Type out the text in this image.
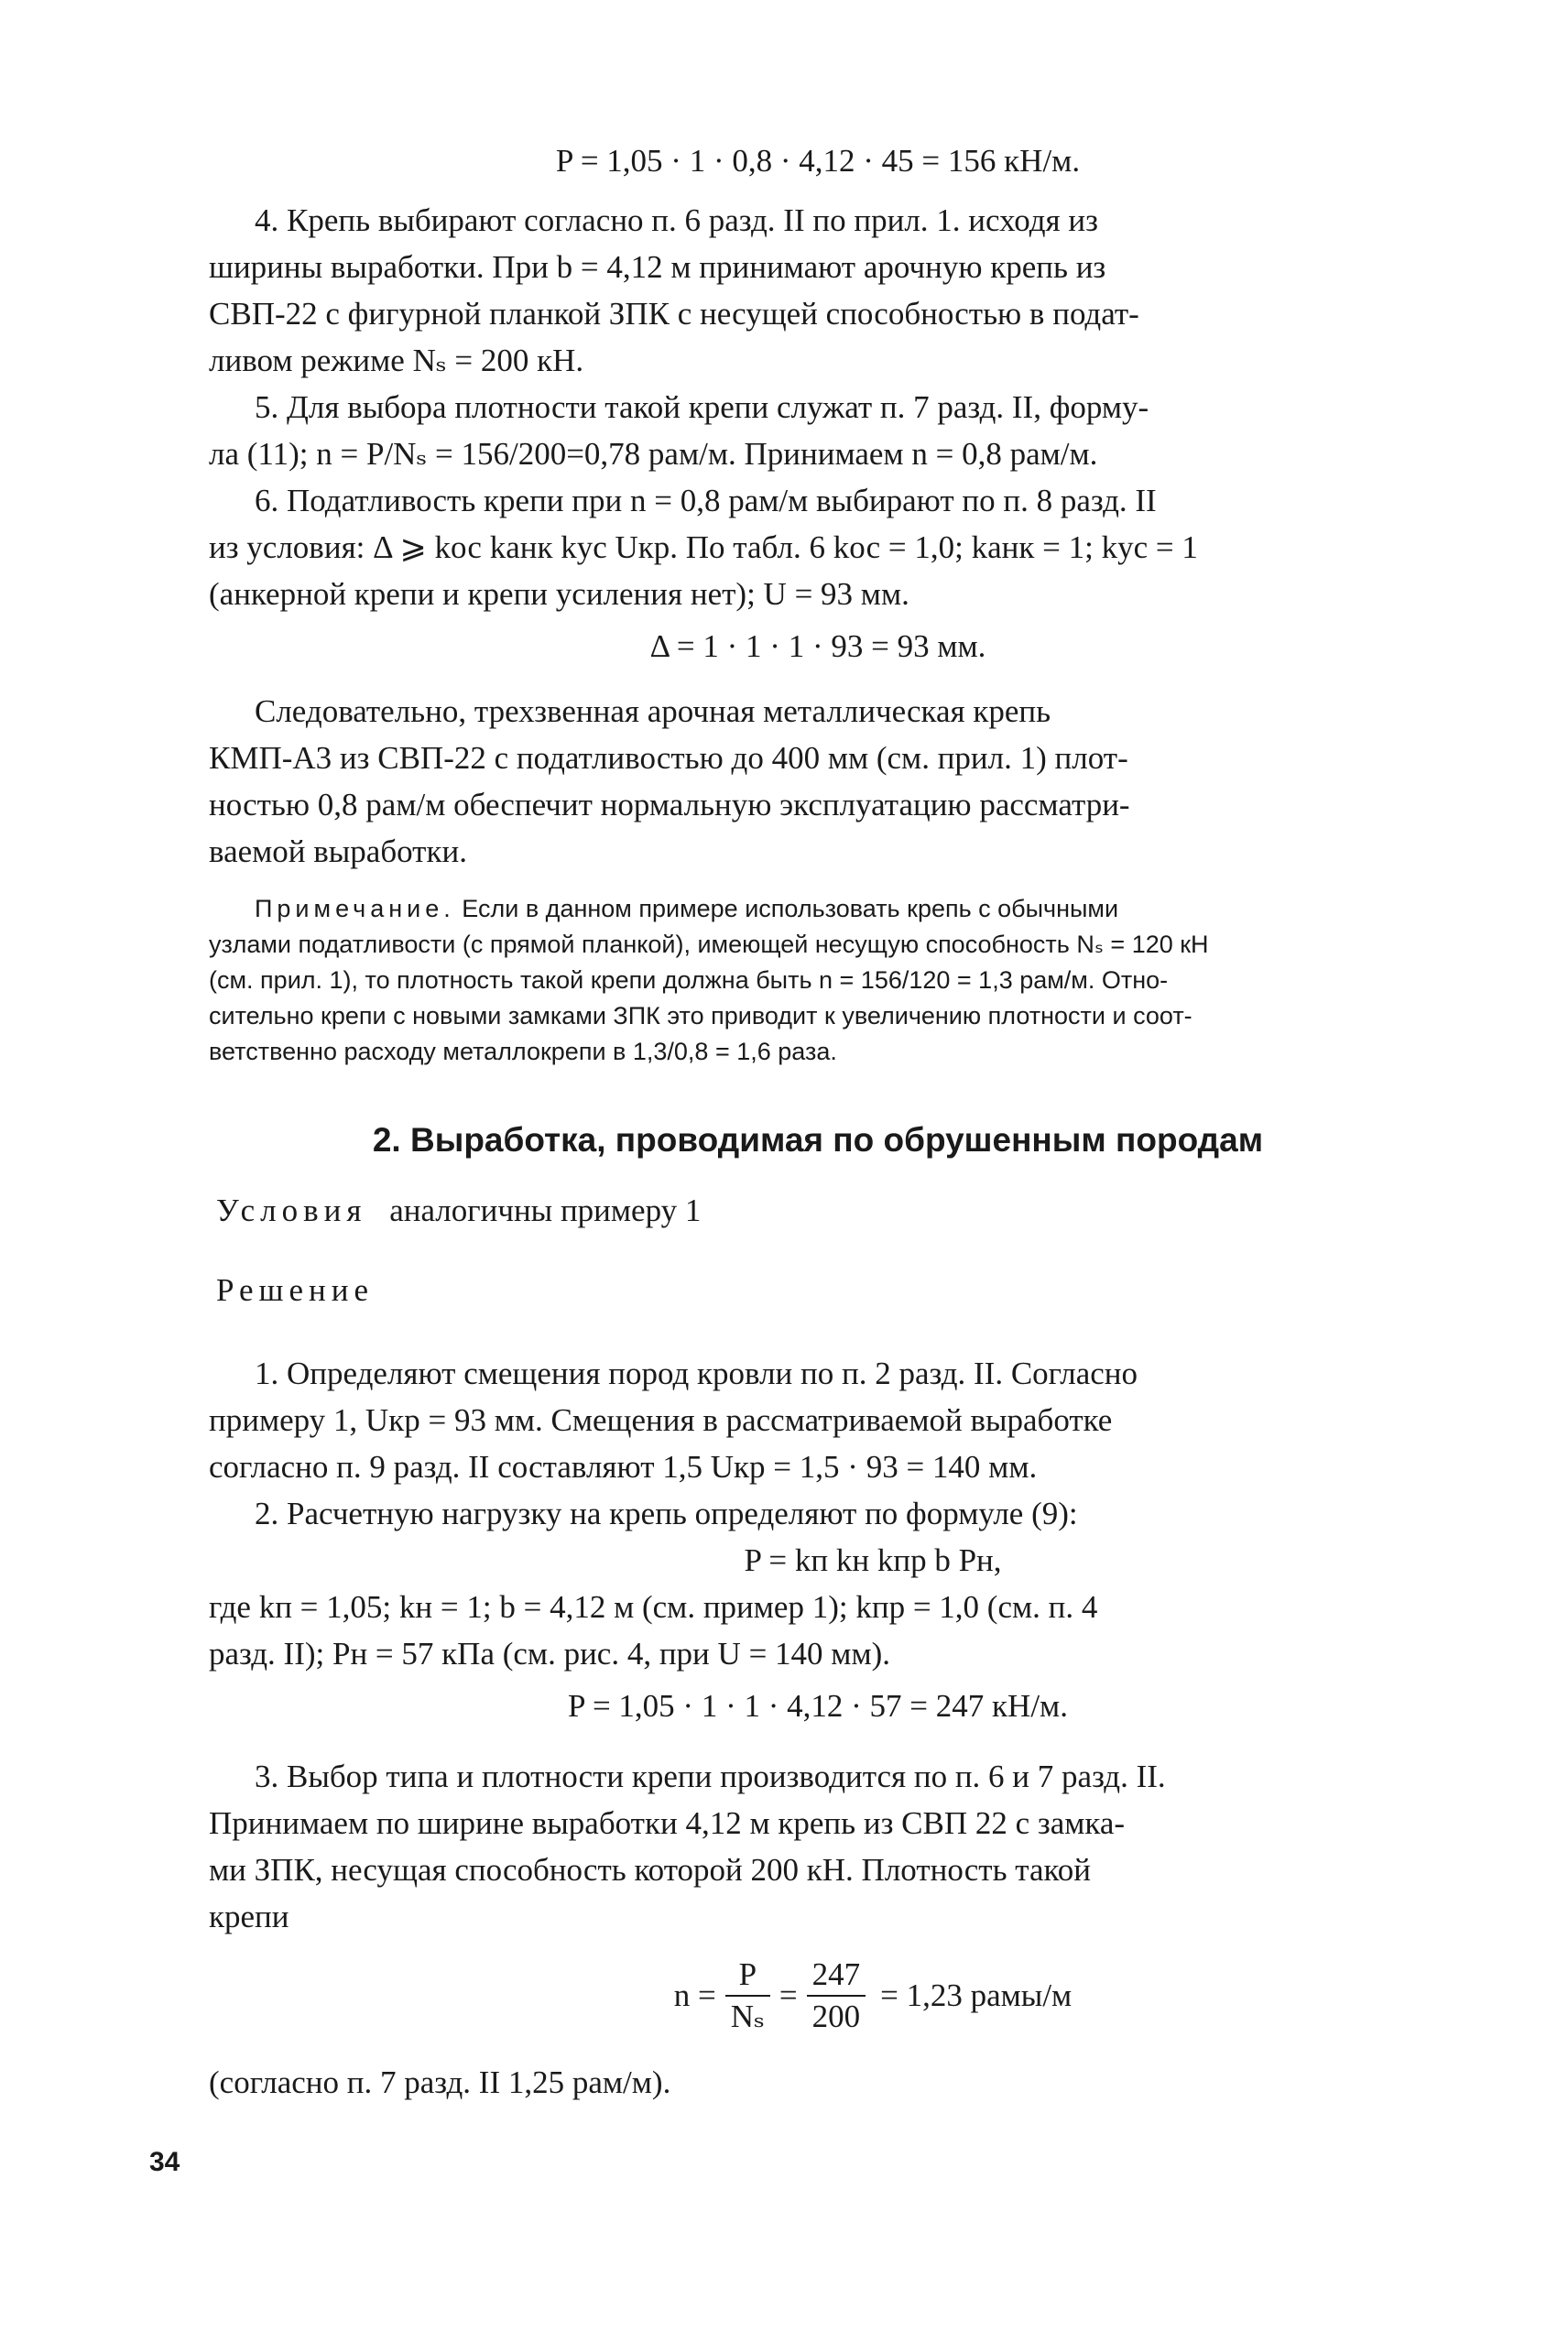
P = 1,05 · 1 · 0,8 · 4,12 · 45 = 156 кН/м.
4. Крепь выбирают согласно п. 6 разд. II по прил. 1. исходя из
ширины выработки. При b = 4,12 м принимают арочную крепь из
СВП-22 с фигурной планкой ЗПК с несущей способностью в подат-
ливом режиме Nₛ = 200 кН.
5. Для выбора плотности такой крепи служат п. 7 разд. II, форму-
ла (11); n = P/Nₛ = 156/200=0,78 рам/м. Принимаем n = 0,8 рам/м.
6. Податливость крепи при n = 0,8 рам/м выбирают по п. 8 разд. II
из условия: Δ ⩾ kос kанк kус Uкр. По табл. 6 kос = 1,0; kанк = 1; kус = 1
(анкерной крепи и крепи усиления нет); U = 93 мм.
Δ = 1 · 1 · 1 · 93 = 93 мм.
Следовательно, трехзвенная арочная металлическая крепь
КМП-А3 из СВП-22 с податливостью до 400 мм (см. прил. 1) плот-
ностью 0,8 рам/м обеспечит нормальную эксплуатацию рассматри-
ваемой выработки.
Примечание. Если в данном примере использовать крепь с обычными
узлами податливости (с прямой планкой), имеющей несущую способность Nₛ = 120 кН
(см. прил. 1), то плотность такой крепи должна быть n = 156/120 = 1,3 рам/м. Отно-
сительно крепи с новыми замками ЗПК это приводит к увеличению плотности и соот-
ветственно расходу металлокрепи в 1,3/0,8 = 1,6 раза.
2. Выработка, проводимая по обрушенным породам
Условия аналогичны примеру 1
Решение
1. Определяют смещения пород кровли по п. 2 разд. II. Согласно
примеру 1, Uкр = 93 мм. Смещения в рассматриваемой выработке
согласно п. 9 разд. II составляют 1,5 Uкр = 1,5 · 93 = 140 мм.
2. Расчетную нагрузку на крепь определяют по формуле (9):
P = kп kн kпр b Pн,
где kп = 1,05; kн = 1; b = 4,12 м (см. пример 1); kпр = 1,0 (см. п. 4
разд. II); Pн = 57 кПа (см. рис. 4, при U = 140 мм).
P = 1,05 · 1 · 1 · 4,12 · 57 = 247 кН/м.
3. Выбор типа и плотности крепи производится по п. 6 и 7 разд. II.
Принимаем по ширине выработки 4,12 м крепь из СВП 22 с замка-
ми ЗПК, несущая способность которой 200 кН. Плотность такой
крепи
$n = \frac{P}{\text{Nₛ}} = \frac{247}{200} = 1,23$ рамы/м
(согласно п. 7 разд. II 1,25 рам/м).
34
